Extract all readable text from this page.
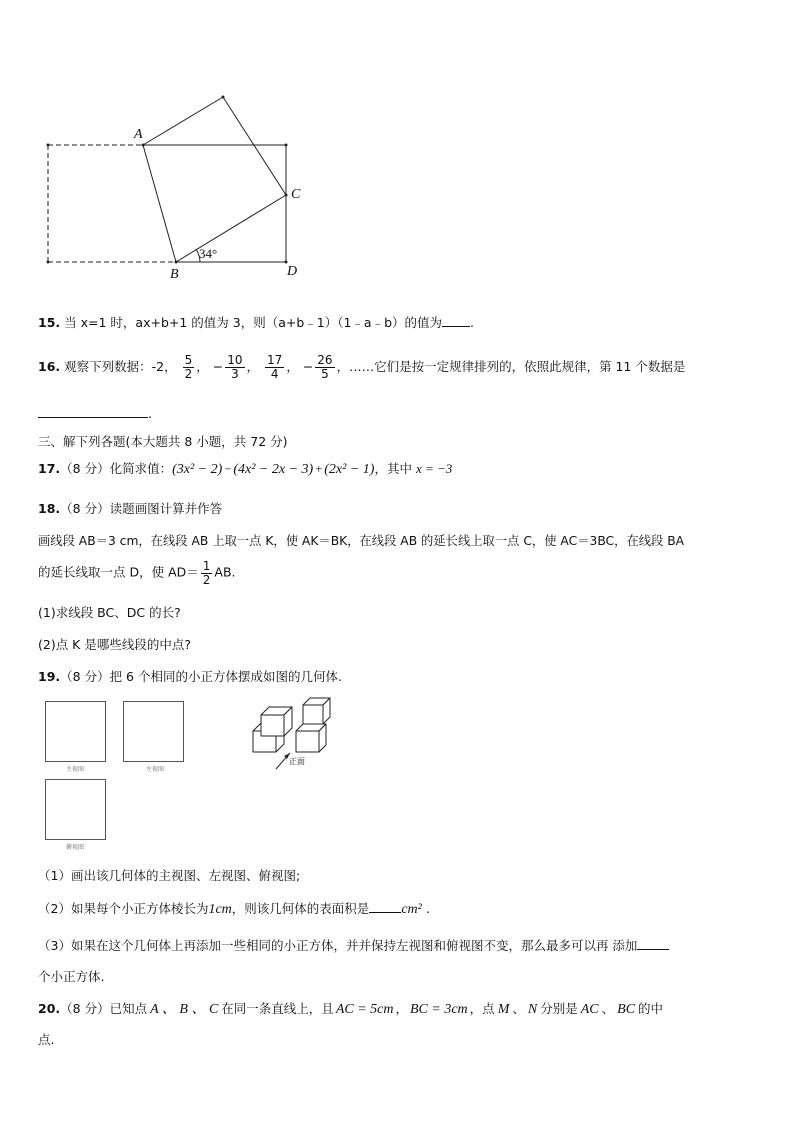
A
B
C
D
34°
15. 当 x=1 时，ax+b+1 的值为 3，则（a+b﹣1）（1﹣a﹣b）的值为 .
16. 观察下列数据：-2， $\frac{5}{2}$ ， − $\frac{10}{3}$ ， $\frac{17}{4}$ ， − $\frac{26}{5}$ ，……它们是按一定规律排列的，依照此规律，第 11 个数据是
.
三、解下列各题(本大题共 8 小题，共 72 分)
17.（8 分）化简求值：(3x² − 2) − (4x² − 2x − 3) + (2x² − 1)，其中 x = −3
18.（8 分）读题画图计算并作答
画线段 AB＝3 cm，在线段 AB 上取一点 K，使 AK＝BK，在线段 AB 的延长线上取一点 C，使 AC＝3BC，在线段 BA
的延长线取一点 D，使 $AD= \frac{1}{2}$ AB.
(1)求线段 BC、DC 的长?
(2)点 K 是哪些线段的中点?
19.（8 分）把 6 个相同的小正方体摆成如图的几何体.
主视图	左视图
俯视图
正面
（1）画出该几何体的主视图、左视图、俯视图;
（2）如果每个小正方体棱长为1cm，则该几何体的表面积是 cm² .
（3）如果在这个几何体上再添加一些相同的小正方体，并并保持左视图和俯视图不变，那么最多可以再 添加
个小正方体.
20.（8 分）已知点 A 、 B 、 C 在同一条直线上，且 AC = 5cm ， BC = 3cm ，点 M 、 N 分别是 AC 、 BC 的中
点.
